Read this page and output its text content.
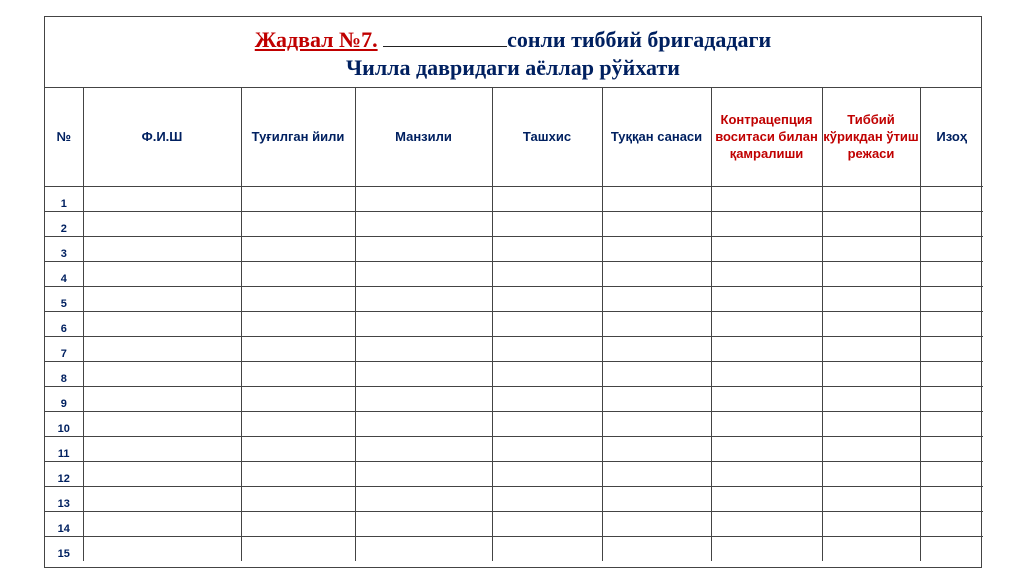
Жадвал №7.	сонли тиббий бригададаги
Чилла давридаги аёллар рўйхати
№	Ф.И.Ш	Туғилган йили	Манзили	Ташхис	Туққан санаси	Контрацепция воситаси билан қамралиши	Тиббий кўрикдан ўтиш режаси	Изоҳ
1								
2								
3								
4								
5								
6								
7								
8								
9								
10								
11								
12								
13								
14								
15								
